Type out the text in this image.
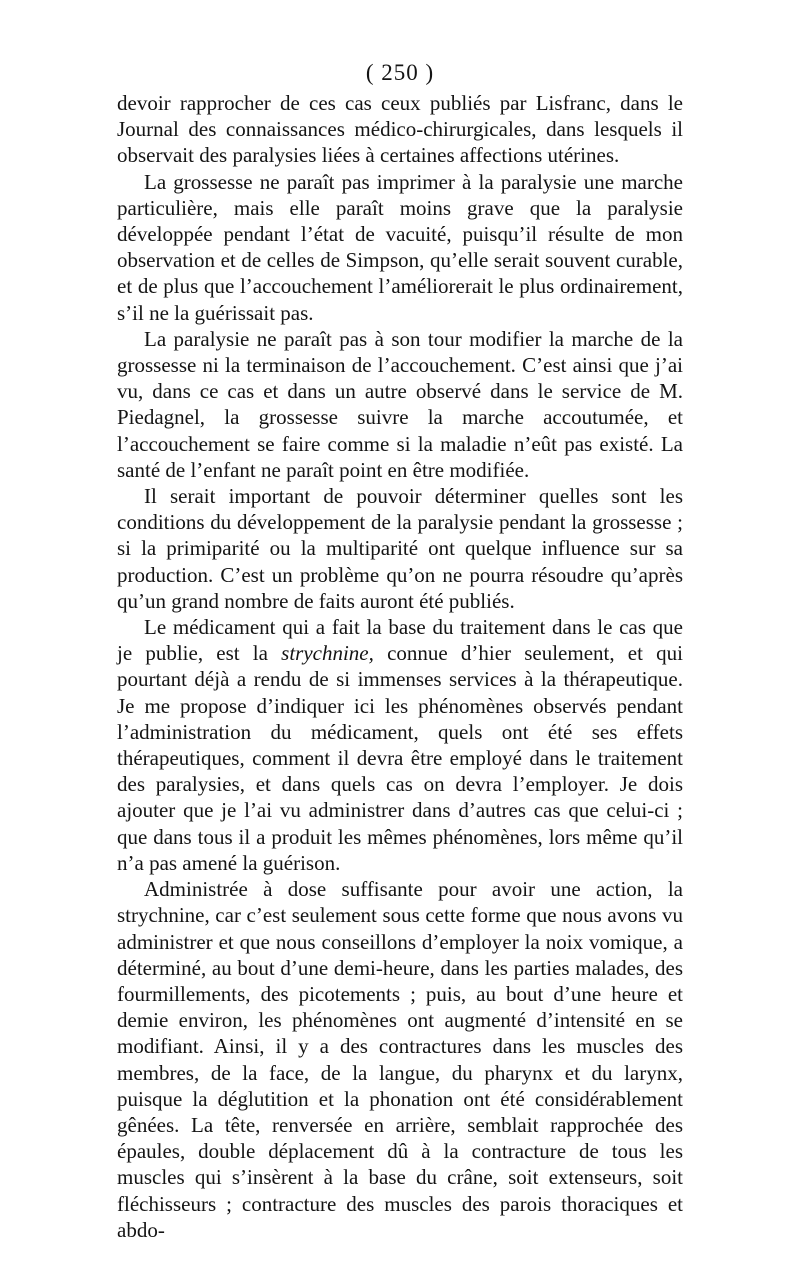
( 250 )

devoir rapprocher de ces cas ceux publiés par Lisfranc, dans le Journal des connaissances médico-chirurgicales, dans lesquels il observait des paralysies liées à certaines affections utérines.

La grossesse ne paraît pas imprimer à la paralysie une marche particulière, mais elle paraît moins grave que la paralysie développée pendant l’état de vacuité, puisqu’il résulte de mon observation et de celles de Simpson, qu’elle serait souvent curable, et de plus que l’accouchement l’améliorerait le plus ordinairement, s’il ne la guérissait pas.

La paralysie ne paraît pas à son tour modifier la marche de la grossesse ni la terminaison de l’accouchement. C’est ainsi que j’ai vu, dans ce cas et dans un autre observé dans le service de M. Piedagnel, la grossesse suivre la marche accoutumée, et l’accouchement se faire comme si la maladie n’eût pas existé. La santé de l’enfant ne paraît point en être modifiée.

Il serait important de pouvoir déterminer quelles sont les conditions du développement de la paralysie pendant la grossesse ; si la primiparité ou la multiparité ont quelque influence sur sa production. C’est un problème qu’on ne pourra résoudre qu’après qu’un grand nombre de faits auront été publiés.

Le médicament qui a fait la base du traitement dans le cas que je publie, est la strychnine, connue d’hier seulement, et qui pourtant déjà a rendu de si immenses services à la thérapeutique. Je me propose d’indiquer ici les phénomènes observés pendant l’administration du médicament, quels ont été ses effets thérapeutiques, comment il devra être employé dans le traitement des paralysies, et dans quels cas on devra l’employer. Je dois ajouter que je l’ai vu administrer dans d’autres cas que celui-ci ; que dans tous il a produit les mêmes phénomènes, lors même qu’il n’a pas amené la guérison.

Administrée à dose suffisante pour avoir une action, la strychnine, car c’est seulement sous cette forme que nous avons vu administrer et que nous conseillons d’employer la noix vomique, a déterminé, au bout d’une demi-heure, dans les parties malades, des fourmillements, des picotements ; puis, au bout d’une heure et demie environ, les phénomènes ont augmenté d’intensité en se modifiant. Ainsi, il y a des contractures dans les muscles des membres, de la face, de la langue, du pharynx et du larynx, puisque la déglutition et la phonation ont été considérablement gênées. La tête, renversée en arrière, semblait rapprochée des épaules, double déplacement dû à la contracture de tous les muscles qui s’insèrent à la base du crâne, soit extenseurs, soit fléchisseurs ; contracture des muscles des parois thoraciques et abdo-
